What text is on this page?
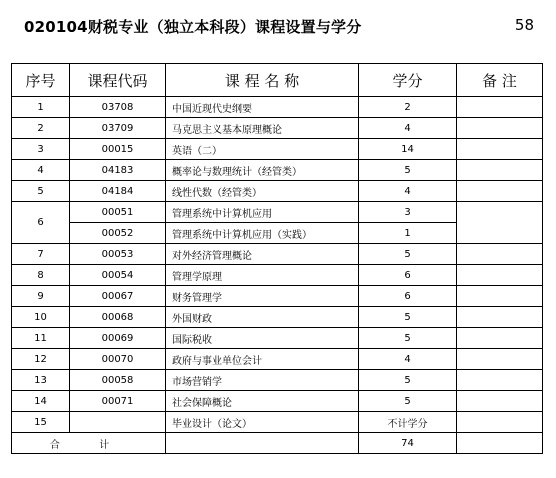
020104财税专业（独立本科段）课程设置与学分	58
序号	课程代码	课 程 名 称	学分	备 注
1	03708	中国近现代史纲要	2	
2	03709	马克思主义基本原理概论	4	
3	00015	英语（二）	14	
4	04183	概率论与数理统计（经管类）	5	
5	04184	线性代数（经管类）	4	
6	00051	管理系统中计算机应用	3	
	00052	管理系统中计算机应用（实践）	1	
7	00053	对外经济管理概论	5	
8	00054	管理学原理	6	
9	00067	财务管理学	6	
10	00068	外国财政	5	
11	00069	国际税收	5	
12	00070	政府与事业单位会计	4	
13	00058	市场营销学	5	
14	00071	社会保障概论	5	
15		毕业设计（论文）	不计学分	
合 计			74	
